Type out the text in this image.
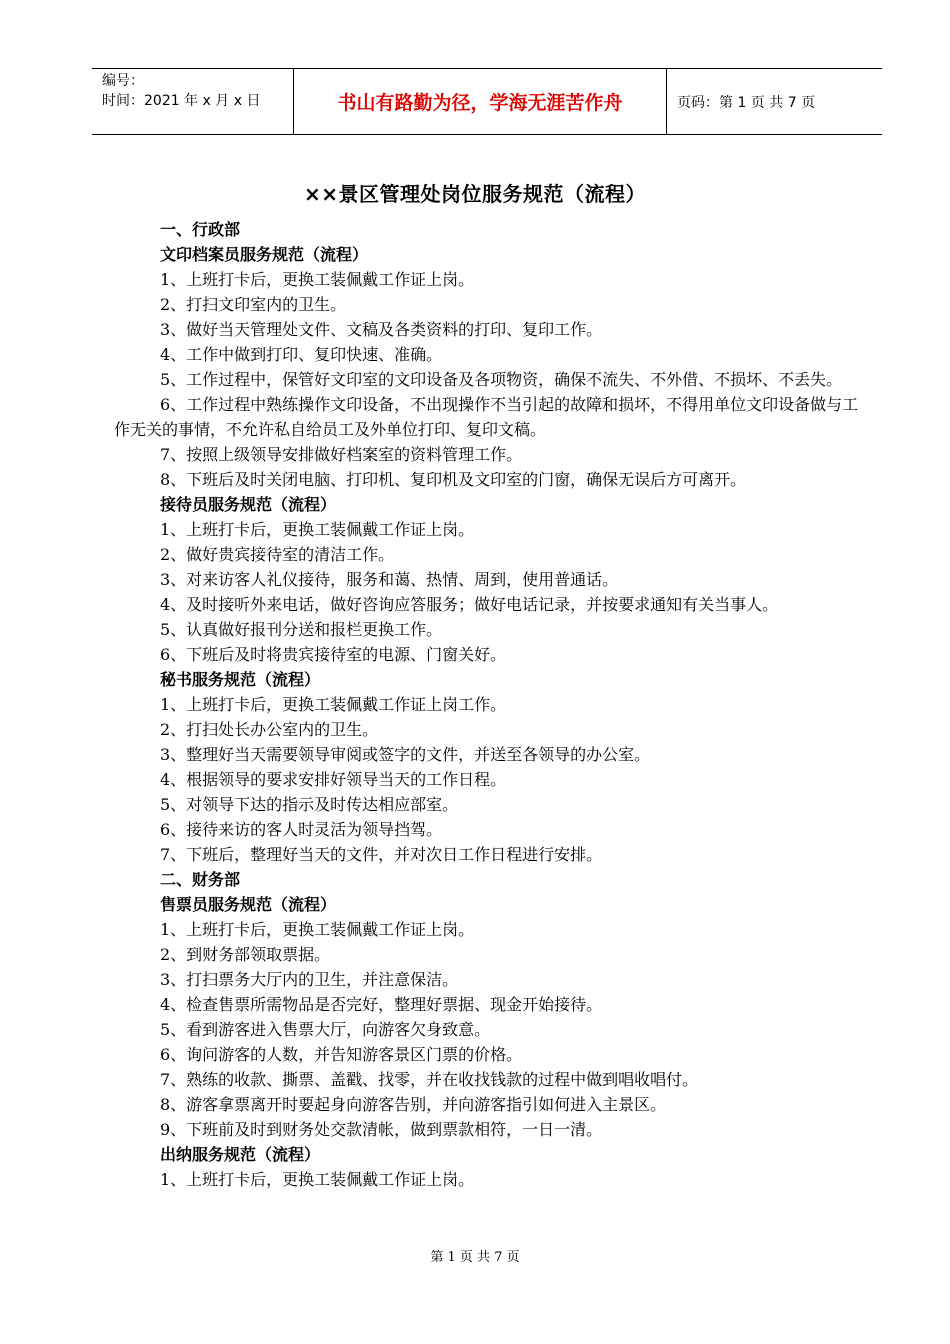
编号：
时间：2021 年 x 月 x 日	书山有路勤为径，学海无涯苦作舟	页码：第 1 页 共 7 页
××景区管理处岗位服务规范（流程）
一、行政部
文印档案员服务规范（流程）
1、上班打卡后，更换工装佩戴工作证上岗。
2、打扫文印室内的卫生。
3、做好当天管理处文件、文稿及各类资料的打印、复印工作。
4、工作中做到打印、复印快速、准确。
5、工作过程中，保管好文印室的文印设备及各项物资，确保不流失、不外借、不损坏、不丢失。
6、工作过程中熟练操作文印设备，不出现操作不当引起的故障和损坏，不得用单位文印设备做与工作无关的事情，不允许私自给员工及外单位打印、复印文稿。
7、按照上级领导安排做好档案室的资料管理工作。
8、下班后及时关闭电脑、打印机、复印机及文印室的门窗，确保无误后方可离开。
接待员服务规范（流程）
1、上班打卡后，更换工装佩戴工作证上岗。
2、做好贵宾接待室的清洁工作。
3、对来访客人礼仪接待，服务和蔼、热情、周到，使用普通话。
4、及时接听外来电话，做好咨询应答服务；做好电话记录，并按要求通知有关当事人。
5、认真做好报刊分送和报栏更换工作。
6、下班后及时将贵宾接待室的电源、门窗关好。
秘书服务规范（流程）
1、上班打卡后，更换工装佩戴工作证上岗工作。
2、打扫处长办公室内的卫生。
3、整理好当天需要领导审阅或签字的文件，并送至各领导的办公室。
4、根据领导的要求安排好领导当天的工作日程。
5、对领导下达的指示及时传达相应部室。
6、接待来访的客人时灵活为领导挡驾。
7、下班后，整理好当天的文件，并对次日工作日程进行安排。
二、财务部
售票员服务规范（流程）
1、上班打卡后，更换工装佩戴工作证上岗。
2、到财务部领取票据。
3、打扫票务大厅内的卫生，并注意保洁。
4、检查售票所需物品是否完好，整理好票据、现金开始接待。
5、看到游客进入售票大厅，向游客欠身致意。
6、询问游客的人数，并告知游客景区门票的价格。
7、熟练的收款、撕票、盖戳、找零，并在收找钱款的过程中做到唱收唱付。
8、游客拿票离开时要起身向游客告别，并向游客指引如何进入主景区。
9、下班前及时到财务处交款清帐，做到票款相符，一日一清。
出纳服务规范（流程）
1、上班打卡后，更换工装佩戴工作证上岗。
第 1 页 共 7 页
